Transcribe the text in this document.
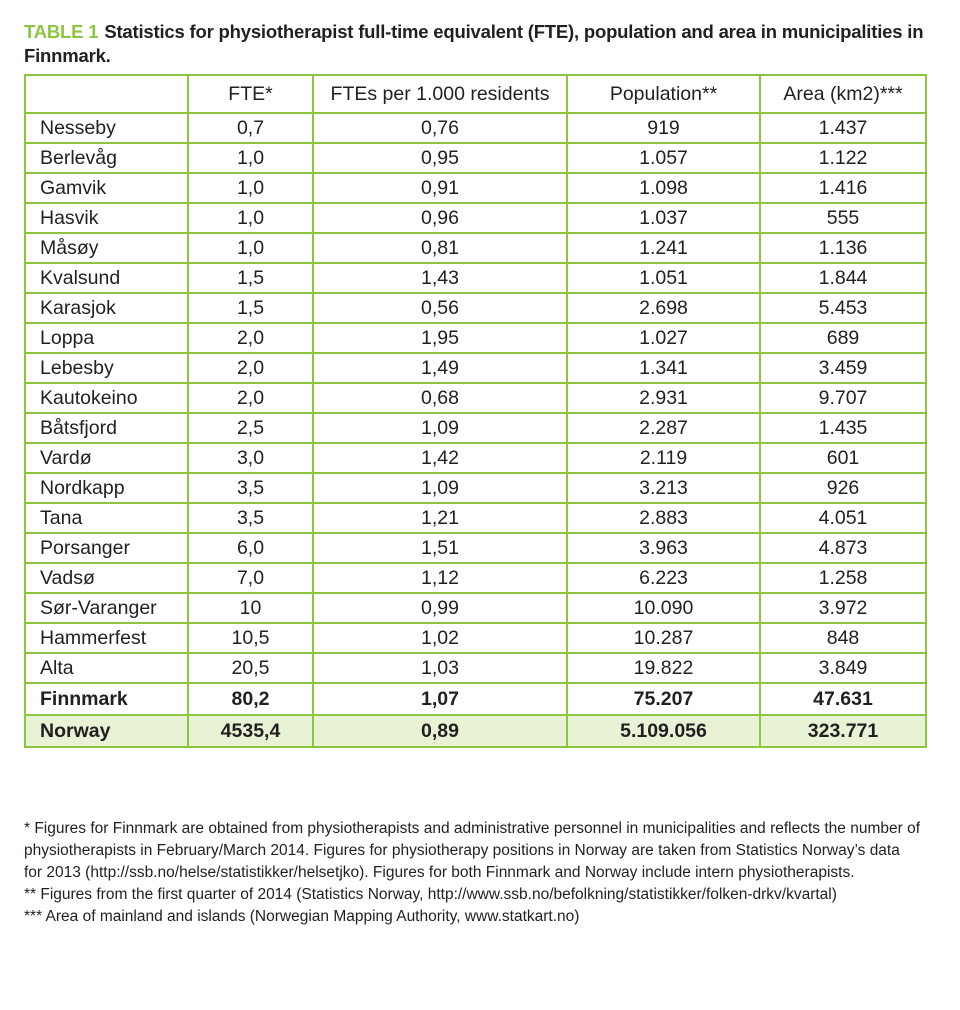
TABLE 1 Statistics for physiotherapist full-time equivalent (FTE), population and area in municipalities in Finnmark.
	FTE*	FTEs per 1.000 residents	Population**	Area (km2)***
Nesseby	0,7	0,76	919	1.437
Berlevåg	1,0	0,95	1.057	1.122
Gamvik	1,0	0,91	1.098	1.416
Hasvik	1,0	0,96	1.037	555
Måsøy	1,0	0,81	1.241	1.136
Kvalsund	1,5	1,43	1.051	1.844
Karasjok	1,5	0,56	2.698	5.453
Loppa	2,0	1,95	1.027	689
Lebesby	2,0	1,49	1.341	3.459
Kautokeino	2,0	0,68	2.931	9.707
Båtsfjord	2,5	1,09	2.287	1.435
Vardø	3,0	1,42	2.119	601
Nordkapp	3,5	1,09	3.213	926
Tana	3,5	1,21	2.883	4.051
Porsanger	6,0	1,51	3.963	4.873
Vadsø	7,0	1,12	6.223	1.258
Sør-Varanger	10	0,99	10.090	3.972
Hammerfest	10,5	1,02	10.287	848
Alta	20,5	1,03	19.822	3.849
Finnmark	80,2	1,07	75.207	47.631
Norway	4535,4	0,89	5.109.056	323.771

* Figures for Finnmark are obtained from physiotherapists and administrative personnel in municipalities and reflects the number of physiotherapists in February/March 2014. Figures for physiotherapy positions in Norway are taken from Statistics Norway’s data for 2013 (http://ssb.no/helse/statistikker/helsetjko). Figures for both Finnmark and Norway include intern physiotherapists.

** Figures from the first quarter of 2014 (Statistics Norway, http://www.ssb.no/befolkning/statistikker/folken-drkv/kvartal)

*** Area of mainland and islands (Norwegian Mapping Authority, www.statkart.no)
